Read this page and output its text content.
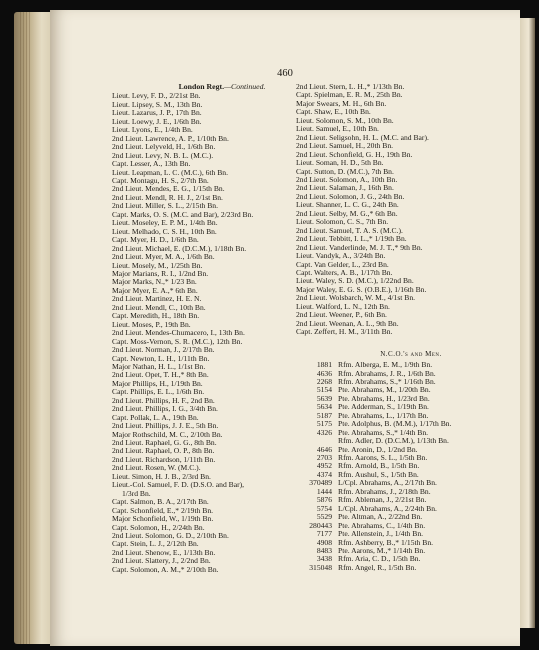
460
London Regt.—Continued.
Lieut. Levy, F. D., 2/21st Bn.
Lieut. Lipsey, S. M., 13th Bn.
Lieut. Lazarus, J. P., 17th Bn.
Lieut. Loewy, J. E., 1/6th Bn.
Lieut. Lyons, E., 1/4th Bn.
2nd Lieut. Lawrence, A. P., 1/10th Bn.
2nd Lieut. Lelyveld, H., 1/6th Bn.
2nd Lieut. Levy, N. B. L. (M.C.).
Capt. Lesser, A., 13th Bn.
Lieut. Leapman, L. C. (M.C.), 6th Bn.
Capt. Montagu, H. S., 2/7th Bn.
2nd Lieut. Mendes, E. G., 1/15th Bn.
2nd Lieut. Mendl, R. H. J., 2/1st Bn.
2nd Lieut. Miller, S. L., 2/15th Bn.
Capt. Marks, O. S. (M.C. and Bar), 2/23rd Bn.
Lieut. Moseley, E. P. M., 1/4th Bn.
Lieut. Melhado, C. S. H., 10th Bn.
Capt. Myer, H. D., 1/6th Bn.
2nd Lieut. Michael, E. (D.C.M.), 1/18th Bn.
2nd Lieut. Myer, M. A., 1/6th Bn.
Lieut. Mosely, M., 1/25th Bn.
Major Marians, R. I., 1/2nd Bn.
Major Marks, N.,* 1/23 Bn.
Major Myer, E. A.,* 6th Bn.
2nd Lieut. Martinez, H. E. N.
2nd Lieut. Mendl, C., 10th Bn.
Capt. Meredith, H., 18th Bn.
Lieut. Moses, P., 19th Bn.
2nd Lieut. Mendes-Chumacero, I., 13th Bn.
Capt. Moss-Vernon, S. R. (M.C.), 12th Bn.
2nd Lieut. Norman, J., 2/17th Bn.
Capt. Newton, L. H., 1/11th Bn.
Major Nathan, H. L., 1/1st Bn.
2nd Lieut. Opet, T. H.,* 8th Bn.
Major Phillips, H., 1/19th Bn.
Capt. Phillips, E. L., 1/6th Bn.
2nd Lieut. Phillips, H. F., 2nd Bn.
2nd Lieut. Phillips, I. G., 3/4th Bn.
Capt. Pollak, L. A., 19th Bn.
2nd Lieut. Phillips, J. J. E., 5th Bn.
Major Rothschild, M. C., 2/10th Bn.
2nd Lieut. Raphael, G. G., 8th Bn.
2nd Lieut. Raphael, O. P., 8th Bn.
2nd Lieut. Richardson, 1/11th Bn.
2nd Lieut. Rosen, W. (M.C.).
Lieut. Simon, H. J. B., 2/3rd Bn.
Lieut.-Col. Samuel, F. D. (D.S.O. and Bar),
1/3rd Bn.
Capt. Salmon, B. A., 2/17th Bn.
Capt. Schonfield, E.,* 2/19th Bn.
Major Schonfield, W., 1/19th Bn.
Capt. Solomon, H., 2/24th Bn.
2nd Lieut. Solomon, G. D., 2/10th Bn.
Capt. Stein, L. J., 2/12th Bn.
2nd Lieut. Shenow, E., 1/13th Bn.
2nd Lieut. Slattery, J., 2/2nd Bn.
Capt. Solomon, A. M.,* 2/10th Bn.
2nd Lieut. Stern, L. H.,* 1/13th Bn.
Capt. Spielman, E. R. M., 25th Bn.
Major Swears, M. H., 6th Bn.
Capt. Shaw, E., 10th Bn.
Lieut. Solomon, S. M., 10th Bn.
Lieut. Samuel, E., 10th Bn.
2nd Lieut. Seligsohn, H. L. (M.C. and Bar).
2nd Lieut. Samuel, H., 20th Bn.
2nd Lieut. Schonfield, G. H., 19th Bn.
Lieut. Soman, H. D., 5th Bn.
Capt. Sutton, D. (M.C.), 7th Bn.
2nd Lieut. Solomon, A., 10th Bn.
2nd Lieut. Salaman, J., 16th Bn.
2nd Lieut. Solomon, J. G., 24th Bn.
Lieut. Shanner, L. C. G., 24th Bn.
2nd Lieut. Selby, M. G.,* 6th Bn.
Lieut. Solomon, C. S., 7th Bn.
2nd Lieut. Samuel, T. A. S. (M.C.).
2nd Lieut. Tebbitt, I. L.,* 1/19th Bn.
2nd Lieut. Vanderlinde, M. J. T.,* 9th Bn.
Lieut. Vandyk, A., 3/24th Bn.
Capt. Van Gelder, L., 23rd Bn.
Capt. Walters, A. B., 1/17th Bn.
Lieut. Waley, S. D. (M.C.), 1/22nd Bn.
Major Waley, E. G. S. (O.B.E.), 1/16th Bn.
2nd Lieut. Wolsbarch, W. M., 4/1st Bn.
Lieut. Walford, L. N., 12th Bn.
2nd Lieut. Weener, P., 6th Bn.
2nd Lieut. Weenan, A. L., 9th Bn.
Capt. Zeffert, H. M., 3/11th Bn.
N.C.O.'s and Men.
1881 Rfm. Alberga, E. M., 1/9th Bn.
4636 Rfm. Abrahams, J. R., 1/6th Bn.
2268 Rfm. Abrahams, S.,* 1/16th Bn.
5154 Pte. Abrahams, M., 1/20th Bn.
5639 Pte. Abrahams, H., 1/23rd Bn.
5634 Pte. Adderman, S., 1/19th Bn.
5187 Pte. Abrahams, L., 1/17th Bn.
5175 Pte. Adolphus, B. (M.M.), 1/17th Bn.
4326 Pte. Abrahams, S.,* 1/4th Bn.
Rfm. Adler, D. (D.C.M.), 1/13th Bn.
4646 Pte. Aronin, D., 1/2nd Bn.
2703 Rfm. Aarons, S. L., 1/5th Bn.
4952 Rfm. Arnold, B., 1/5th Bn.
4374 Rfm. Aushul, S., 1/5th Bn.
370489 L/Cpl. Abrahams, A., 2/17th Bn.
1444 Rfm. Abrahams, J., 2/18th Bn.
5876 Rfm. Ableman, J., 2/21st Bn.
5754 L/Cpl. Abrahams, A., 2/24th Bn.
5529 Pte. Altman, A., 2/22nd Bn.
280443 Pte. Abrahams, C., 1/4th Bn.
7177 Pte. Allenstein, J., 1/4th Bn.
4908 Rfm. Ashberry, B.,* 1/15th Bn.
8483 Pte. Aarons, M.,* 1/14th Bn.
3438 Rfm. Aria, C. D., 1/5th Bn.
315048 Rfm. Angel, R., 1/5th Bn.
